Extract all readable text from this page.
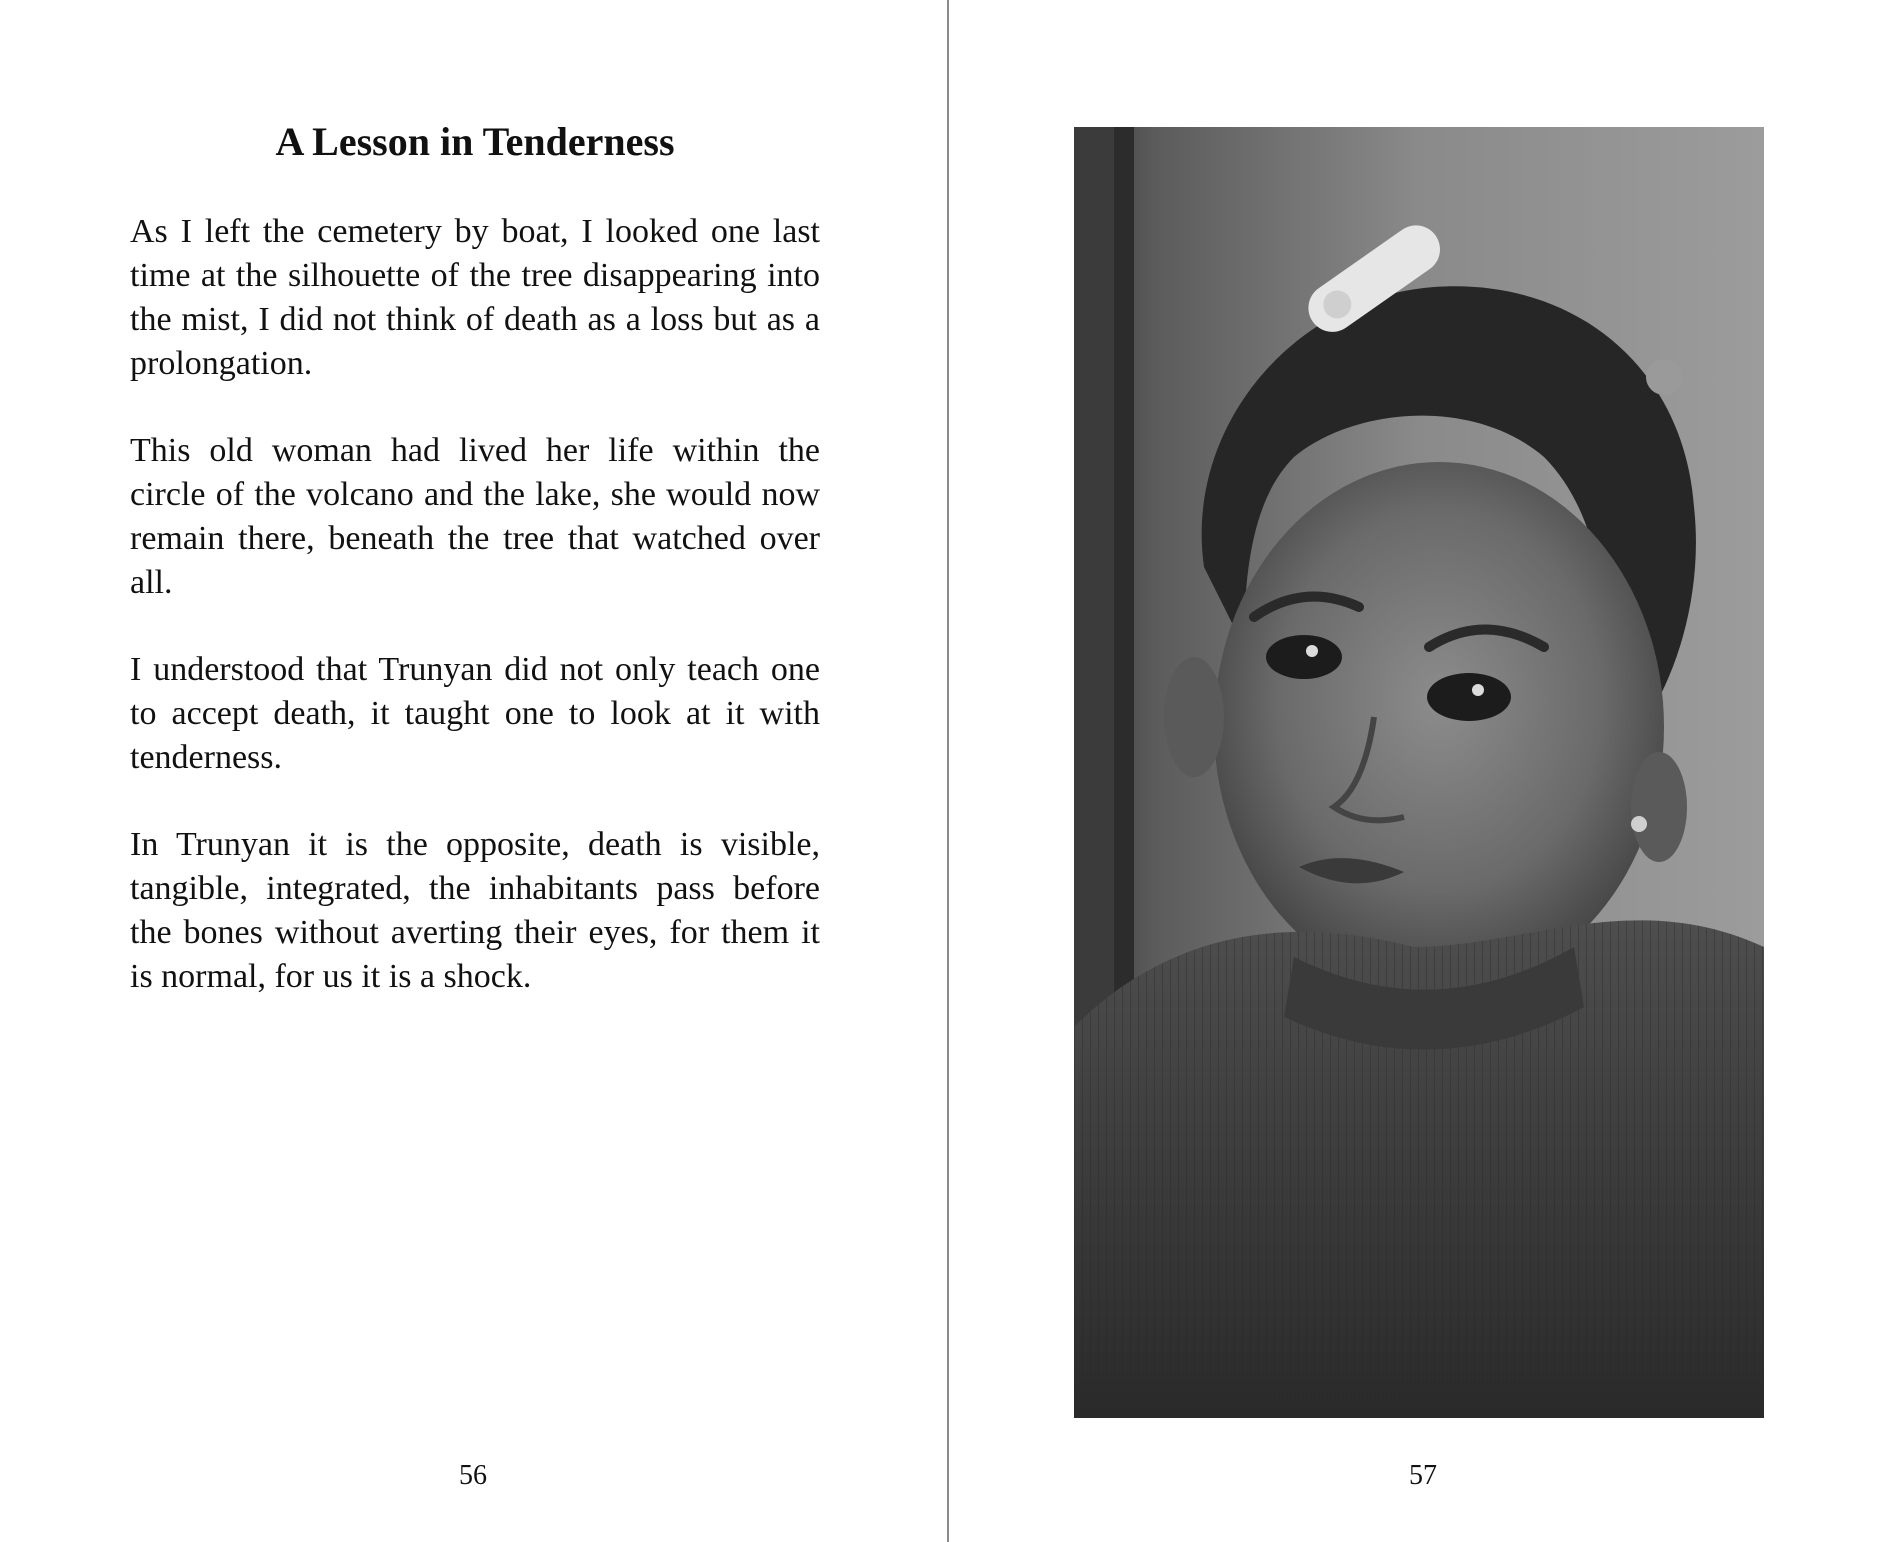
A Lesson in Tenderness

As I left the cemetery by boat, I looked one last time at the silhouette of the tree disappearing into the mist, I did not think of death as a loss but as a prolongation.

This old woman had lived her life within the circle of the volcano and the lake, she would now remain there, beneath the tree that watched over all.

I understood that Trunyan did not only teach one to accept death, it taught one to look at it with tenderness.

In Trunyan it is the opposite, death is visible, tangible, integrated, the inhabitants pass before the bones without averting their eyes, for them it is normal, for us it is a shock.

56	57
